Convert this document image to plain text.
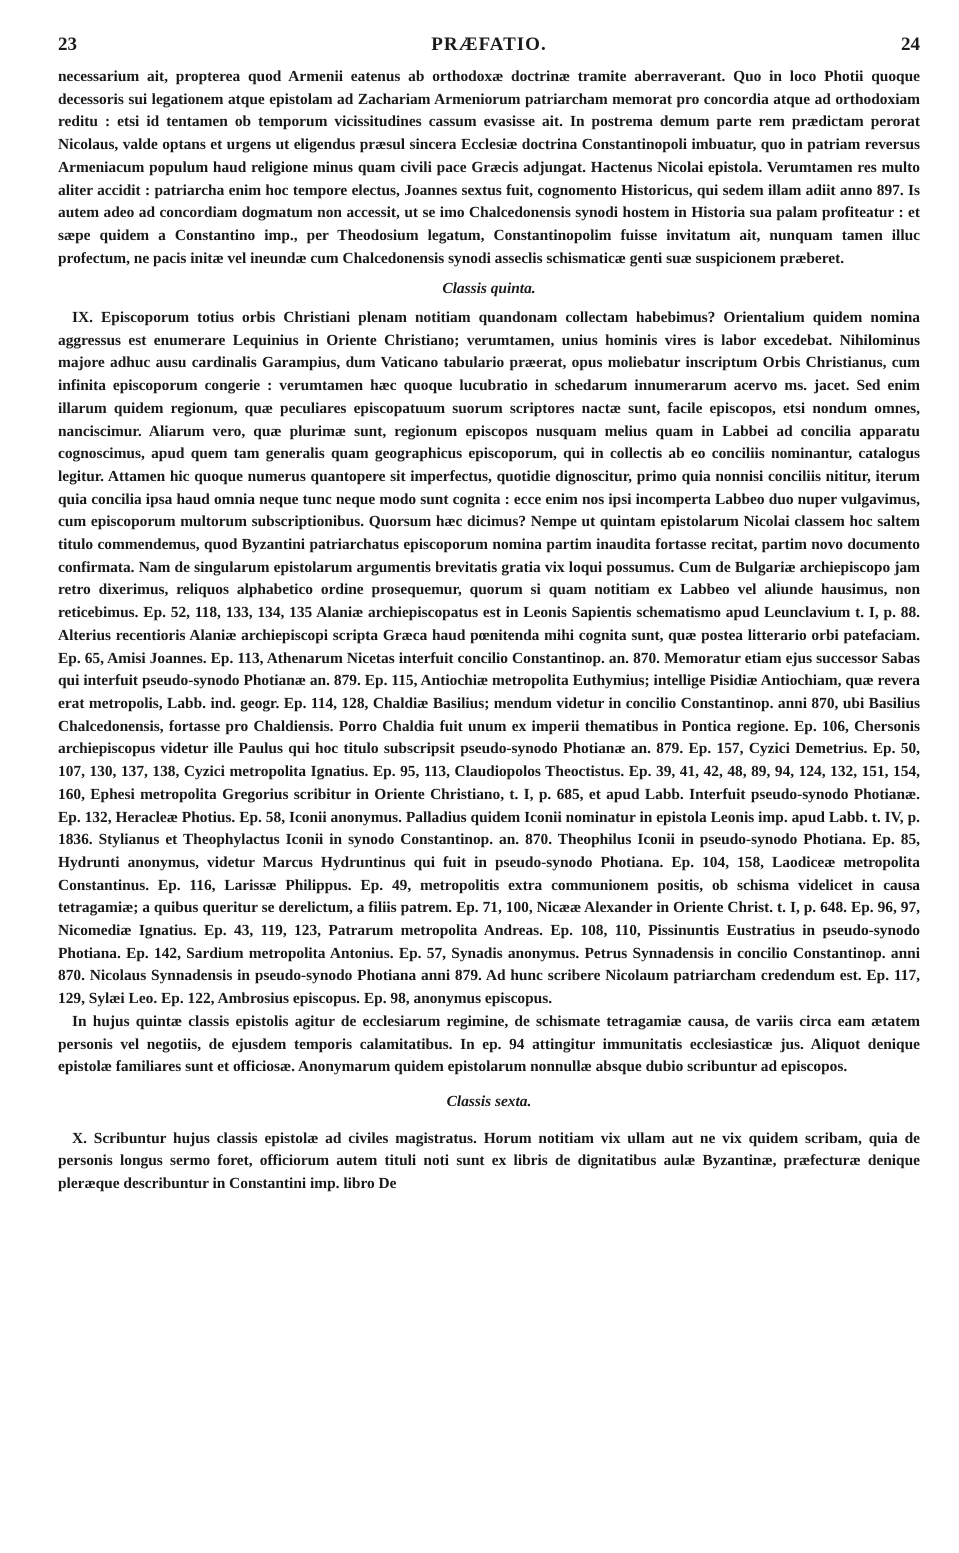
23	PRÆFATIO.	24

necessarium ait, propterea quod Armenii eatenus ab orthodoxæ doctrinæ tramite aberraverant. Quo in loco Photii quoque decessoris sui legationem atque epistolam ad Zachariam Armeniorum patriarcham memorat pro concordia atque ad orthodoxiam reditu : etsi id tentamen ob temporum vicissitudines cassum evasisse ait. In postrema demum parte rem prædictam perorat Nicolaus, valde optans et urgens ut eligendus præsul sincera Ecclesiæ doctrina Constantinopoli imbuatur, quo in patriam reversus Armeniacum populum haud religione minus quam civili pace Græcis adjungat. Hactenus Nicolai epistola. Verumtamen res multo aliter accidit : patriarcha enim hoc tempore electus, Joannes sextus fuit, cognomento Historicus, qui sedem illam adiit anno 897. Is autem adeo ad concordiam dogmatum non accessit, ut se imo Chalcedonensis synodi hostem in Historia sua palam profiteatur : et sæpe quidem a Constantino imp., per Theodosium legatum, Constantinopolim fuisse invitatum ait, nunquam tamen illuc profectum, ne pacis initæ vel ineundæ cum Chalcedonensis synodi asseclis schismaticæ genti suæ suspicionem præberet.

Classis quinta.

IX. Episcoporum totius orbis Christiani plenam notitiam quandonam collectam habebimus? Orientalium quidem nomina aggressus est enumerare Lequinius in Oriente Christiano; verumtamen, unius hominis vires is labor excedebat. Nihilominus majore adhuc ausu cardinalis Garampius, dum Vaticano tabulario præerat, opus moliebatur inscriptum Orbis Christianus, cum infinita episcoporum congerie : verumtamen hæc quoque lucubratio in schedarum innumerarum acervo ms. jacet. Sed enim illarum quidem regionum, quæ peculiares episcopatuum suorum scriptores nactæ sunt, facile episcopos, etsi nondum omnes, nanciscimur. Aliarum vero, quæ plurimæ sunt, regionum episcopos nusquam melius quam in Labbei ad concilia apparatu cognoscimus, apud quem tam generalis quam geographicus episcoporum, qui in collectis ab eo conciliis nominantur, catalogus legitur. Attamen hic quoque numerus quantopere sit imperfectus, quotidie dignoscitur, primo quia nonnisi conciliis nititur, iterum quia concilia ipsa haud omnia neque tunc neque modo sunt cognita : ecce enim nos ipsi incomperta Labbeo duo nuper vulgavimus, cum episcoporum multorum subscriptionibus. Quorsum hæc dicimus? Nempe ut quintam epistolarum Nicolai classem hoc saltem titulo commendemus, quod Byzantini patriarchatus episcoporum nomina partim inaudita fortasse recitat, partim novo documento confirmata. Nam de singularum epistolarum argumentis brevitatis gratia vix loqui possumus. Cum de Bulgariæ archiepiscopo jam retro dixerimus, reliquos alphabetico ordine prosequemur, quorum si quam notitiam ex Labbeo vel aliunde hausimus, non reticebimus. Ep. 52, 118, 133, 134, 135 Alaniæ archiepiscopatus est in Leonis Sapientis schematismo apud Leunclavium t. I, p. 88. Alterius recentioris Alaniæ archiepiscopi scripta Græca haud pœnitenda mihi cognita sunt, quæ postea litterario orbi patefaciam. Ep. 65, Amisi Joannes. Ep. 113, Athenarum Nicetas interfuit concilio Constantinop. an. 870. Memoratur etiam ejus successor Sabas qui interfuit pseudo-synodo Photianæ an. 879. Ep. 115, Antiochiæ metropolita Euthymius; intellige Pisidiæ Antiochiam, quæ revera erat metropolis, Labb. ind. geogr. Ep. 114, 128, Chaldiæ Basilius; mendum videtur in concilio Constantinop. anni 870, ubi Basilius Chalcedonensis, fortasse pro Chaldiensis. Porro Chaldia fuit unum ex imperii thematibus in Pontica regione. Ep. 106, Chersonis archiepiscopus videtur ille Paulus qui hoc titulo subscripsit pseudo-synodo Photianæ an. 879. Ep. 157, Cyzici Demetrius. Ep. 50, 107, 130, 137, 138, Cyzici metropolita Ignatius. Ep. 95, 113, Claudiopolos Theoctistus. Ep. 39, 41, 42, 48, 89, 94, 124, 132, 151, 154, 160, Ephesi metropolita Gregorius scribitur in Oriente Christiano, t. I, p. 685, et apud Labb. Interfuit pseudo-synodo Photianæ. Ep. 132, Heracleæ Photius. Ep. 58, Iconii anonymus. Palladius quidem Iconii nominatur in epistola Leonis imp. apud Labb. t. IV, p. 1836. Stylianus et Theophylactus Iconii in synodo Constantinop. an. 870. Theophilus Iconii in pseudo-synodo Photiana. Ep. 85, Hydrunti anonymus, videtur Marcus Hydruntinus qui fuit in pseudo-synodo Photiana. Ep. 104, 158, Laodiceæ metropolita Constantinus. Ep. 116, Larissæ Philippus. Ep. 49, metropolitis extra communionem positis, ob schisma videlicet in causa tetragamiæ; a quibus queritur se derelictum, a filiis patrem. Ep. 71, 100, Nicææ Alexander in Oriente Christ. t. I, p. 648. Ep. 96, 97, Nicomediæ Ignatius. Ep. 43, 119, 123, Patrarum metropolita Andreas. Ep. 108, 110, Pissinuntis Eustratius in pseudo-synodo Photiana. Ep. 142, Sardium metropolita Antonius. Ep. 57, Synadis anonymus. Petrus Synnadensis in concilio Constantinop. anni 870. Nicolaus Synnadensis in pseudo-synodo Photiana anni 879. Ad hunc scribere Nicolaum patriarcham credendum est. Ep. 117, 129, Sylæi Leo. Ep. 122, Ambrosius episcopus. Ep. 98, anonymus episcopus.

In hujus quintæ classis epistolis agitur de ecclesiarum regimine, de schismate tetragamiæ causa, de variis circa eam ætatem personis vel negotiis, de ejusdem temporis calamitatibus. In ep. 94 attingitur immunitatis ecclesiasticæ jus. Aliquot denique epistolæ familiares sunt et officiosæ. Anonymarum quidem epistolarum nonnullæ absque dubio scribuntur ad episcopos.

Classis sexta.

X. Scribuntur hujus classis epistolæ ad civiles magistratus. Horum notitiam vix ullam aut ne vix quidem scribam, quia de personis longus sermo foret, officiorum autem tituli noti sunt ex libris de dignitatibus aulæ Byzantinæ, præfecturæ denique pleræque describuntur in Constantini imp. libro De
